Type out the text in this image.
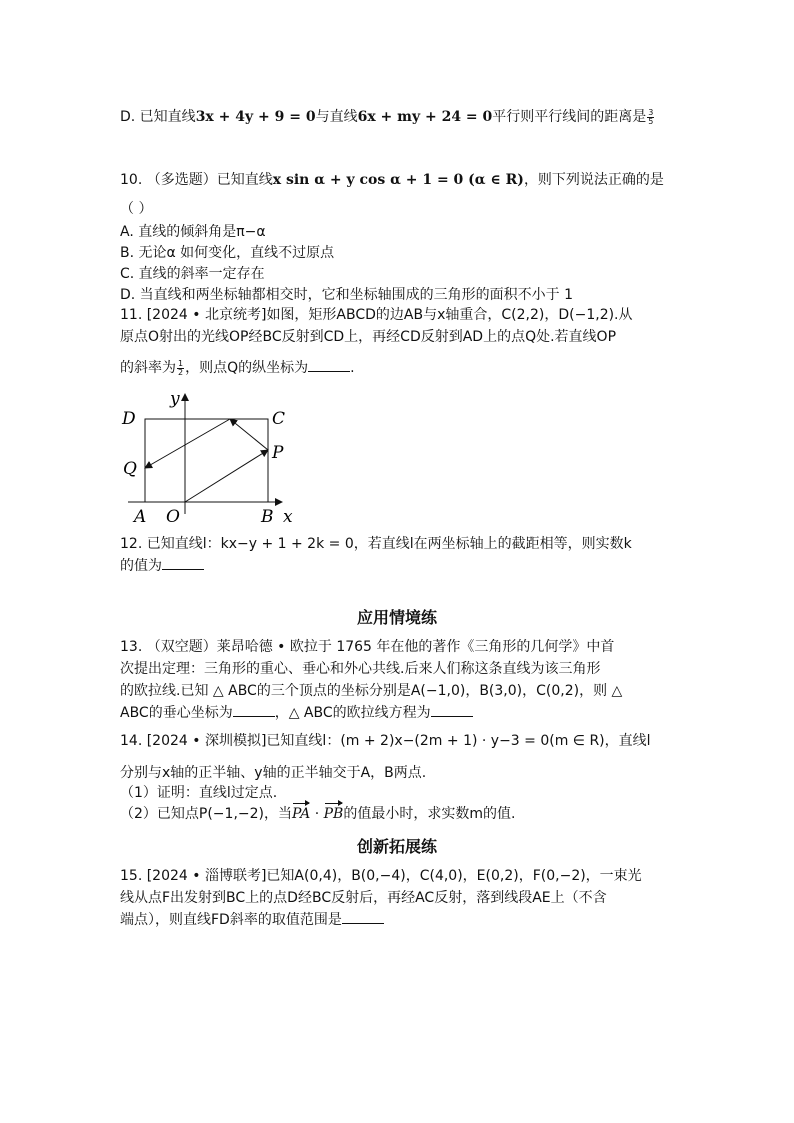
D. 已知直线3x + 4y + 9 = 0与直线6x + my + 24 = 0平行则平行线间的距离是 $\frac{3}{5}$
10. （多选题）已知直线x sin α + y cos α + 1 = 0 (α ∈ R)，则下列说法正确的是
（ ）
A. 直线的倾斜角是π−α
B. 无论α 如何变化，直线不过原点
C. 直线的斜率一定存在
D. 当直线和两坐标轴都相交时，它和坐标轴围成的三角形的面积不小于 1
11. [2024 • 北京统考]如图，矩形ABCD的边AB与x轴重合，C(2,2)，D(−1,2).从
原点O射出的光线OP经BC反射到CD上，再经CD反射到AD上的点Q处.若直线OP
的斜率为 $\frac{1}{2}$ ，则点Q的纵坐标为	.
D	C
Q
P
A O	B x
y
12. 已知直线l：kx−y + 1 + 2k = 0，若直线l在两坐标轴上的截距相等，则实数k
的值为
应用情境练
13. （双空题）莱昂哈德 • 欧拉于 1765 年在他的著作《三角形的几何学》中首
次提出定理：三角形的重心、垂心和外心共线.后来人们称这条直线为该三角形
的欧拉线.已知 △ ABC的三个顶点的坐标分别是A(−1,0)，B(3,0)，C(0,2)，则 △
ABC的垂心坐标为	，△ ABC的欧拉线方程为
14. [2024 • 深圳模拟]已知直线l：(m + 2)x−(2m + 1) · y−3 = 0(m ∈ R)，直线l
分别与x轴的正半轴、y轴的正半轴交于A，B两点.
（1）证明：直线l过定点.
（2）已知点P(−1,−2)，当PA · PB的值最小时，求实数m的值.
创新拓展练
15. [2024 • 淄博联考]已知A(0,4)，B(0,−4)，C(4,0)，E(0,2)，F(0,−2)，一束光
线从点F出发射到BC上的点D经BC反射后，再经AC反射，落到线段AE上（不含
端点），则直线FD斜率的取值范围是
